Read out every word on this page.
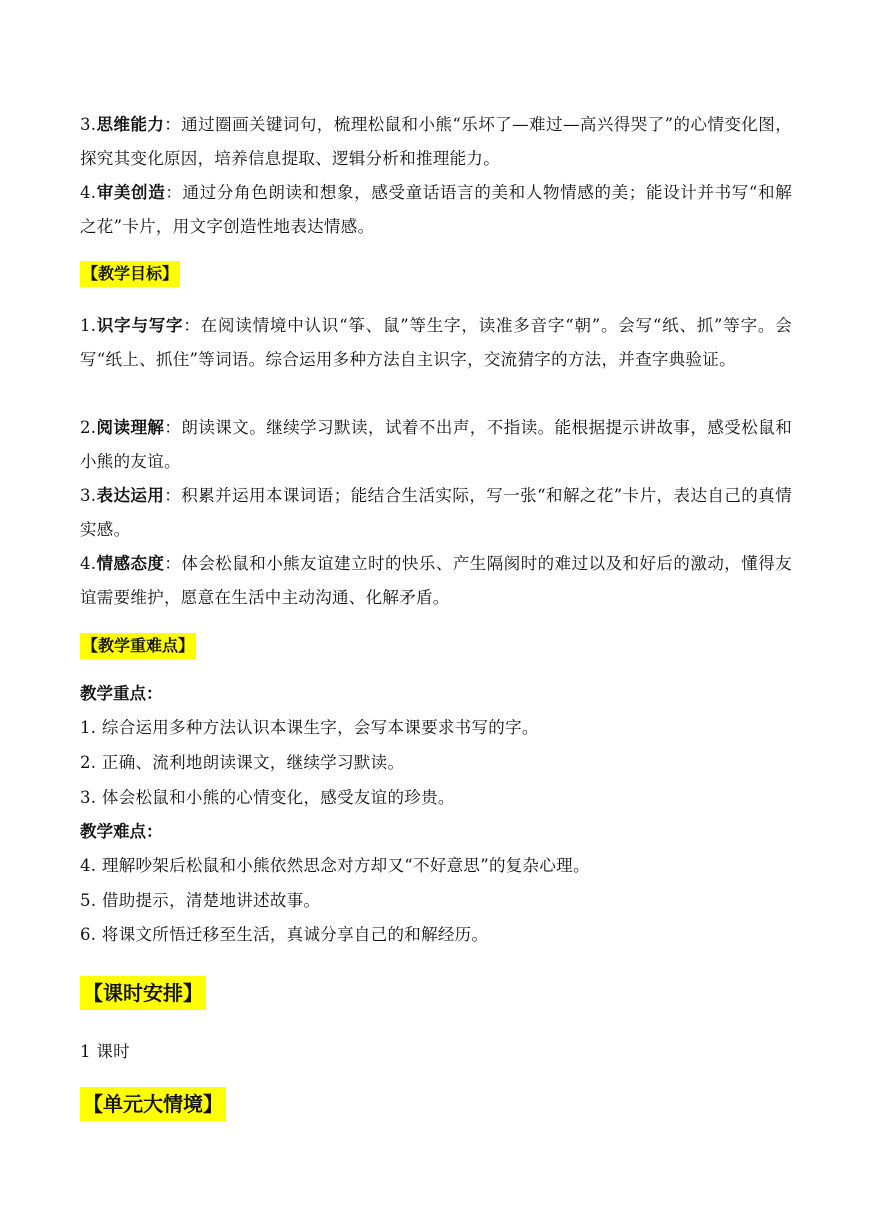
3.思维能力：通过圈画关键词句，梳理松鼠和小熊“乐坏了—难过—高兴得哭了”的心情变化图，探究其变化原因，培养信息提取、逻辑分析和推理能力。
4.审美创造：通过分角色朗读和想象，感受童话语言的美和人物情感的美；能设计并书写“和解之花”卡片，用文字创造性地表达情感。
【教学目标】
1.识字与写字：在阅读情境中认识“筝、鼠”等生字，读准多音字“朝”。会写“纸、抓”等字。会写“纸上、抓住”等词语。综合运用多种方法自主识字，交流猜字的方法，并查字典验证。
2.阅读理解：朗读课文。继续学习默读，试着不出声，不指读。能根据提示讲故事，感受松鼠和小熊的友谊。
3.表达运用：积累并运用本课词语；能结合生活实际，写一张“和解之花”卡片，表达自己的真情实感。
4.情感态度：体会松鼠和小熊友谊建立时的快乐、产生隔阂时的难过以及和好后的激动，懂得友谊需要维护，愿意在生活中主动沟通、化解矛盾。
【教学重难点】
教学重点：
1. 综合运用多种方法认识本课生字，会写本课要求书写的字。
2. 正确、流利地朗读课文，继续学习默读。
3. 体会松鼠和小熊的心情变化，感受友谊的珍贵。
教学难点：
4. 理解吵架后松鼠和小熊依然思念对方却又“不好意思”的复杂心理。
5. 借助提示，清楚地讲述故事。
6. 将课文所悟迁移至生活，真诚分享自己的和解经历。
【课时安排】
1 课时
【单元大情境】
